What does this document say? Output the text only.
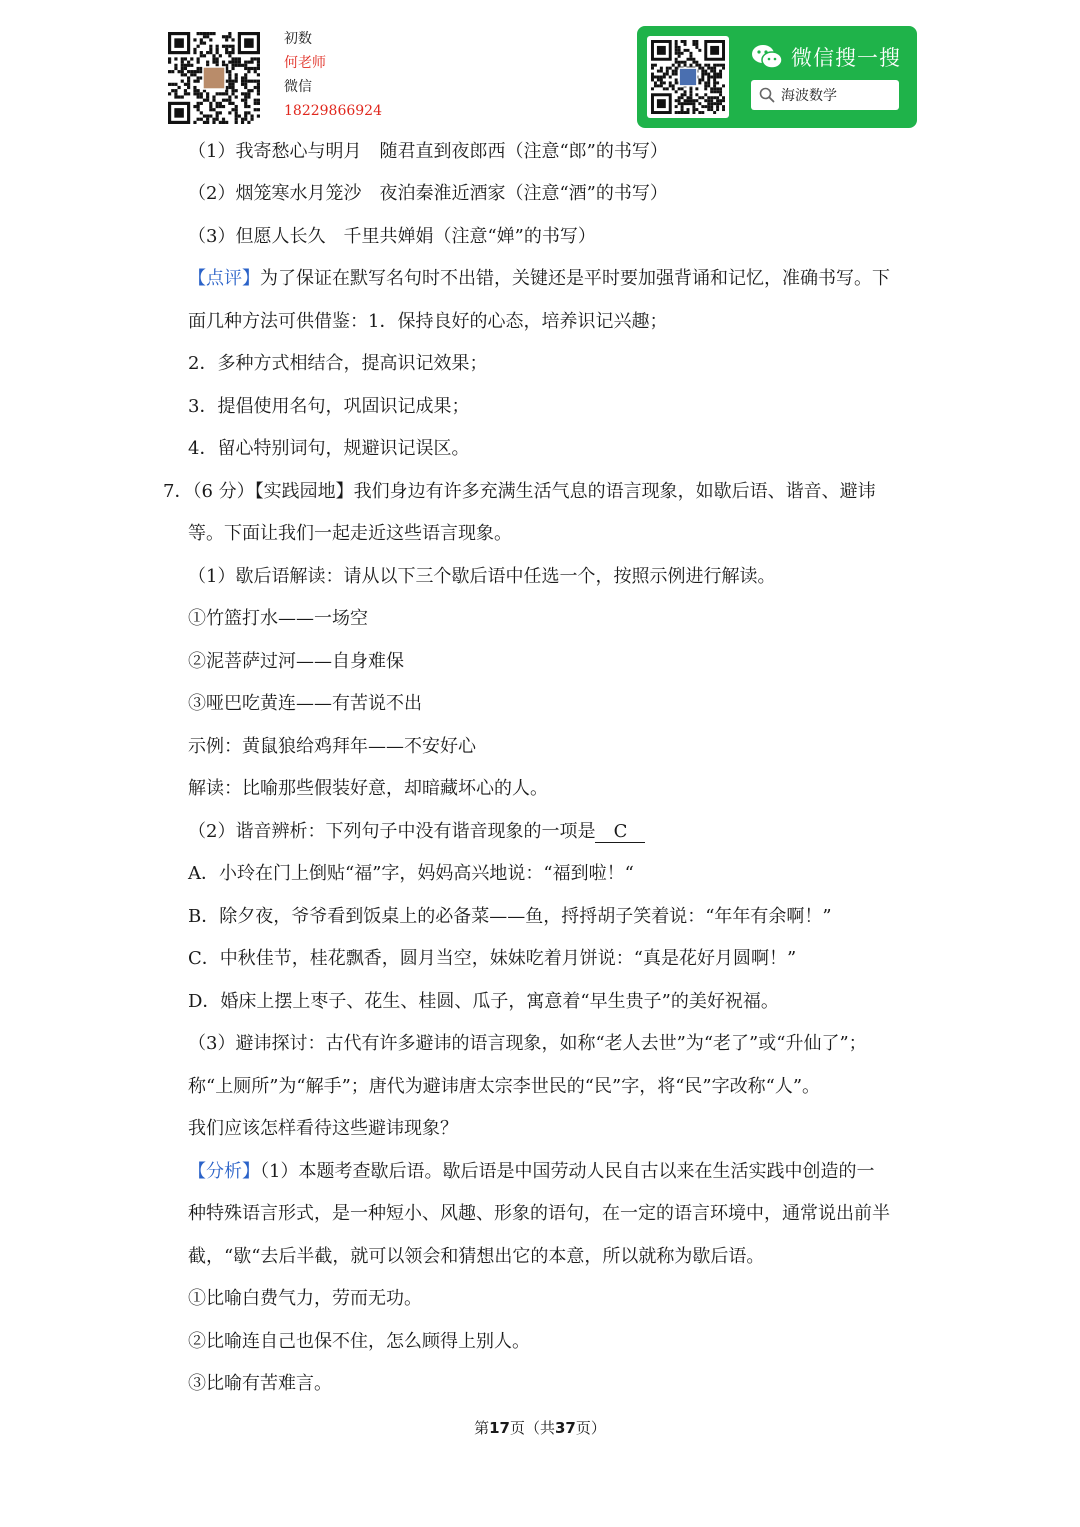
初数
何老师
微信
18229866924
微信搜一搜
海波数学
（1）我寄愁心与明月　随君直到夜郎西（注意“郎”的书写）
（2）烟笼寒水月笼沙　夜泊秦淮近酒家（注意“酒”的书写）
（3）但愿人长久　千里共婵娟（注意“婵”的书写）
【点评】为了保证在默写名句时不出错，关键还是平时要加强背诵和记忆，准确书写。下
面几种方法可供借鉴：1．保持良好的心态，培养识记兴趣；
2．多种方式相结合，提高识记效果；
3．提倡使用名句，巩固识记成果；
4．留心特别词句，规避识记误区。
7．（6 分）【实践园地】我们身边有许多充满生活气息的语言现象，如歇后语、谐音、避讳
等。下面让我们一起走近这些语言现象。
（1）歇后语解读：请从以下三个歇后语中任选一个，按照示例进行解读。
①竹篮打水——一场空
②泥菩萨过河——自身难保
③哑巴吃黄连——有苦说不出
示例：黄鼠狼给鸡拜年——不安好心
解读：比喻那些假装好意，却暗藏坏心的人。
（2）谐音辨析：下列句子中没有谐音现象的一项是 C
A．小玲在门上倒贴“福”字，妈妈高兴地说：“福到啦！“
B．除夕夜，爷爷看到饭桌上的必备菜——鱼，捋捋胡子笑着说：“年年有余啊！”
C．中秋佳节，桂花飘香，圆月当空，妹妹吃着月饼说：“真是花好月圆啊！”
D．婚床上摆上枣子、花生、桂圆、瓜子，寓意着“早生贵子”的美好祝福。
（3）避讳探讨：古代有许多避讳的语言现象，如称“老人去世”为“老了”或“升仙了”；
称“上厕所”为“解手”；唐代为避讳唐太宗李世民的“民”字，将“民”字改称“人”。
我们应该怎样看待这些避讳现象？
【分析】（1）本题考查歇后语。歇后语是中国劳动人民自古以来在生活实践中创造的一
种特殊语言形式，是一种短小、风趣、形象的语句，在一定的语言环境中，通常说出前半
截，“歇“去后半截，就可以领会和猜想出它的本意，所以就称为歇后语。
①比喻白费气力，劳而无功。
②比喻连自己也保不住，怎么顾得上别人。
③比喻有苦难言。
第17页（共37页）
